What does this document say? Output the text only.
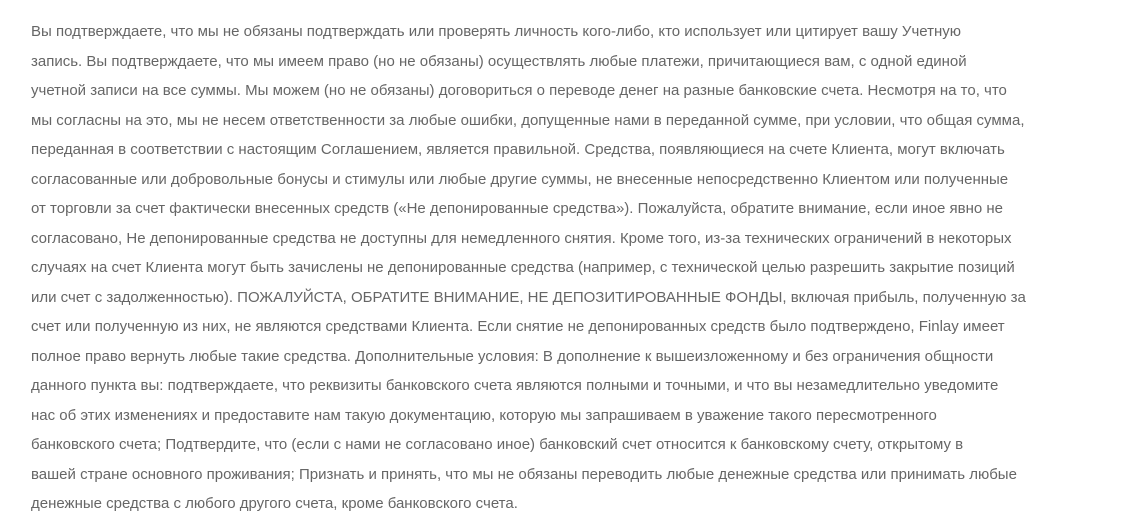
Вы подтверждаете, что мы не обязаны подтверждать или проверять личность кого-либо, кто использует или цитирует вашу Учетную
запись. Вы подтверждаете, что мы имеем право (но не обязаны) осуществлять любые платежи, причитающиеся вам, с одной единой
учетной записи на все суммы. Мы можем (но не обязаны) договориться о переводе денег на разные банковские счета. Несмотря на то, что
мы согласны на это, мы не несем ответственности за любые ошибки, допущенные нами в переданной сумме, при условии, что общая сумма,
переданная в соответствии с настоящим Соглашением, является правильной. Средства, появляющиеся на счете Клиента, могут включать
согласованные или добровольные бонусы и стимулы или любые другие суммы, не внесенные непосредственно Клиентом или полученные
от торговли за счет фактически внесенных средств («Не депонированные средства»). Пожалуйста, обратите внимание, если иное явно не
согласовано, Не депонированные средства не доступны для немедленного снятия. Кроме того, из-за технических ограничений в некоторых
случаях на счет Клиента могут быть зачислены не депонированные средства (например, с технической целью разрешить закрытие позиций
или счет с задолженностью). ПОЖАЛУЙСТА, ОБРАТИТЕ ВНИМАНИЕ, НЕ ДЕПОЗИТИРОВАННЫЕ ФОНДЫ, включая прибыль, полученную за
счет или полученную из них, не являются средствами Клиента. Если снятие не депонированных средств было подтверждено, Finlay имеет
полное право вернуть любые такие средства. Дополнительные условия: В дополнение к вышеизложенному и без ограничения общности
данного пункта вы: подтверждаете, что реквизиты банковского счета являются полными и точными, и что вы незамедлительно уведомите
нас об этих изменениях и предоставите нам такую документацию, которую мы запрашиваем в уважение такого пересмотренного
банковского счета; Подтвердите, что (если с нами не согласовано иное) банковский счет относится к банковскому счету, открытому в
вашей стране основного проживания; Признать и принять, что мы не обязаны переводить любые денежные средства или принимать любые
денежные средства с любого другого счета, кроме банковского счета.
